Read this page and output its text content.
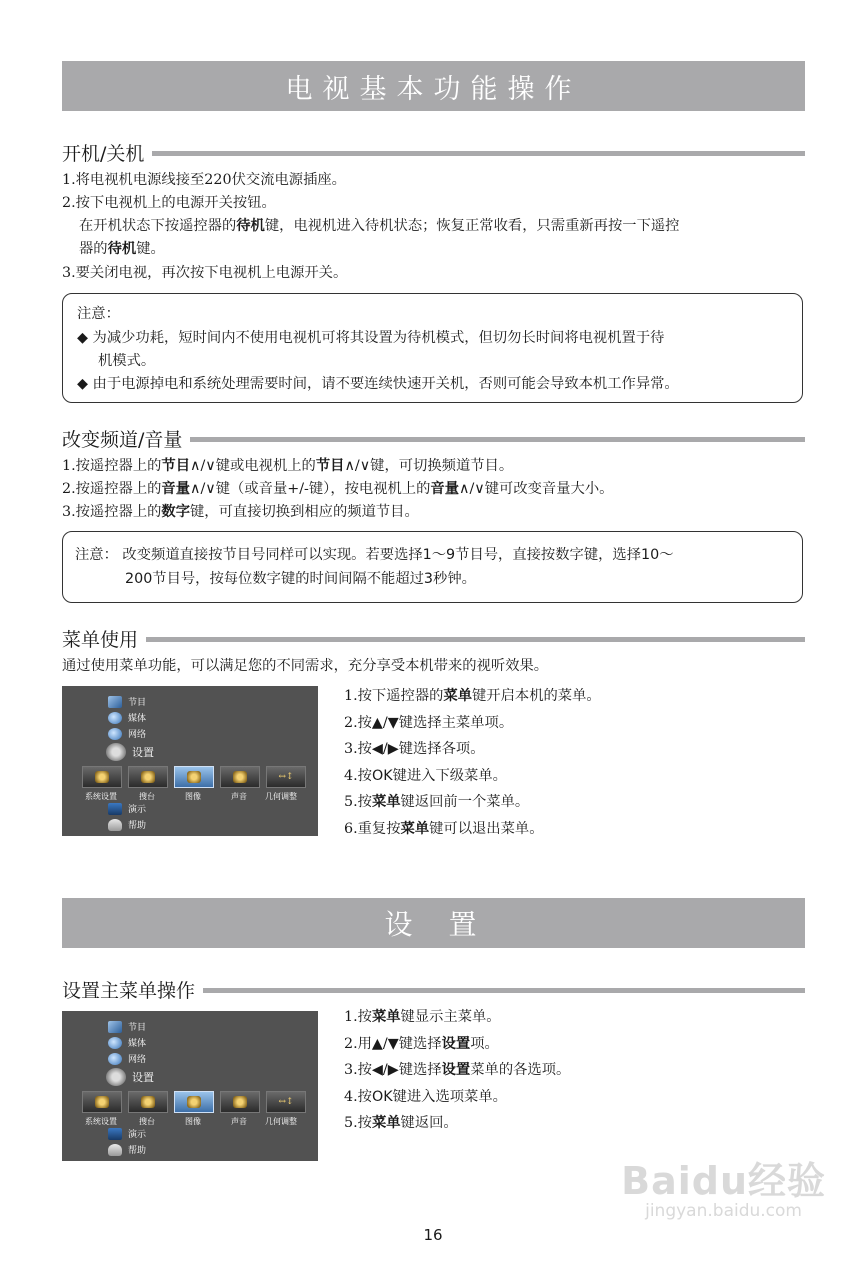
电视基本功能操作
开机/关机
1.将电视机电源线接至220伏交流电源插座。
2.按下电视机上的电源开关按钮。
在开机状态下按遥控器的待机键，电视机进入待机状态；恢复正常收看，只需重新再按一下遥控
器的待机键。
3.要关闭电视，再次按下电视机上电源开关。
注意：
◆ 为减少功耗，短时间内不使用电视机可将其设置为待机模式，但切勿长时间将电视机置于待
机模式。
◆ 由于电源掉电和系统处理需要时间，请不要连续快速开关机，否则可能会导致本机工作异常。
改变频道/音量
1.按遥控器上的节目∧/∨键或电视机上的节目∧/∨键，可切换频道节目。
2.按遥控器上的音量∧/∨键（或音量+/-键），按电视机上的音量∧/∨键可改变音量大小。
3.按遥控器上的数字键，可直接切换到相应的频道节目。
注意： 改变频道直接按节目号同样可以实现。若要选择1～9节目号，直接按数字键，选择10～
200节目号，按每位数字键的时间间隔不能超过3秒钟。
菜单使用
通过使用菜单功能，可以满足您的不同需求，充分享受本机带来的视听效果。
节目
媒体
网络
设置
↔↕
系统设置	搜台	图像	声音	几何调整
演示
帮助
1.按下遥控器的菜单键开启本机的菜单。
2.按▲/▼键选择主菜单项。
3.按◀/▶键选择各项。
4.按OK键进入下级菜单。
5.按菜单键返回前一个菜单。
6.重复按菜单键可以退出菜单。
设置
设置主菜单操作
节目
媒体
网络
设置
↔↕
系统设置	搜台	图像	声音	几何调整
演示
帮助
1.按菜单键显示主菜单。
2.用▲/▼键选择设置项。
3.按◀/▶键选择设置菜单的各选项。
4.按OK键进入选项菜单。
5.按菜单键返回。
16
Baidu经验
jingyan.baidu.com
